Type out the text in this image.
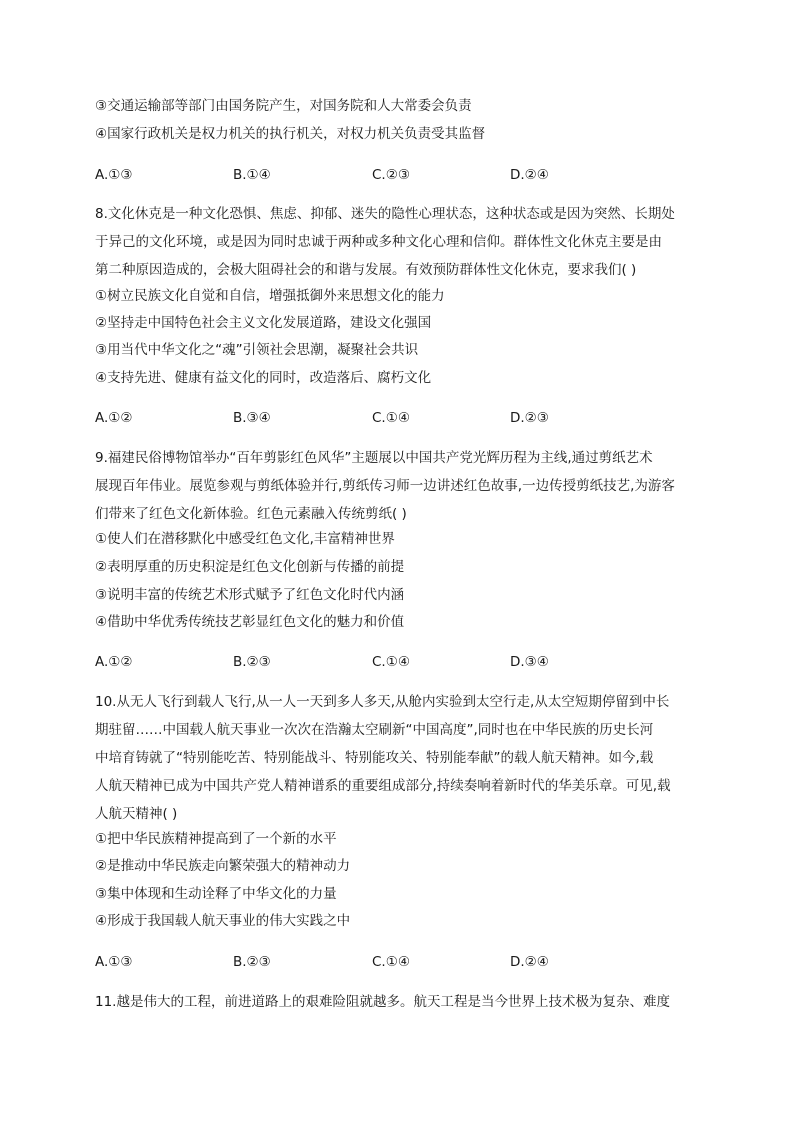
③交通运输部等部门由国务院产生，对国务院和人大常委会负责
④国家行政机关是权力机关的执行机关，对权力机关负责受其监督
A.①③	B.①④	C.②③	D.②④
8.文化休克是一种文化恐惧、焦虑、抑郁、迷失的隐性心理状态，这种状态或是因为突然、长期处
于异己的文化环境，或是因为同时忠诚于两种或多种文化心理和信仰。群体性文化休克主要是由
第二种原因造成的，会极大阻碍社会的和谐与发展。有效预防群体性文化休克，要求我们( )
①树立民族文化自觉和自信，增强抵御外来思想文化的能力
②坚持走中国特色社会主义文化发展道路，建设文化强国
③用当代中华文化之“魂”引领社会思潮，凝聚社会共识
④支持先进、健康有益文化的同时，改造落后、腐朽文化
A.①②	B.③④	C.①④	D.②③
9.福建民俗博物馆举办“百年剪影红色风华”主题展以中国共产党光辉历程为主线,通过剪纸艺术
展现百年伟业。展览参观与剪纸体验并行,剪纸传习师一边讲述红色故事,一边传授剪纸技艺,为游客
们带来了红色文化新体验。红色元素融入传统剪纸( )
①使人们在潜移默化中感受红色文化,丰富精神世界
②表明厚重的历史积淀是红色文化创新与传播的前提
③说明丰富的传统艺术形式赋予了红色文化时代内涵
④借助中华优秀传统技艺彰显红色文化的魅力和价值
A.①②	B.②③	C.①④	D.③④
10.从无人飞行到载人飞行,从一人一天到多人多天,从舱内实验到太空行走,从太空短期停留到中长
期驻留……中国载人航天事业一次次在浩瀚太空刷新“中国高度”,同时也在中华民族的历史长河
中培育铸就了“特别能吃苦、特别能战斗、特别能攻关、特别能奉献”的载人航天精神。如今,载
人航天精神已成为中国共产党人精神谱系的重要组成部分,持续奏响着新时代的华美乐章。可见,载
人航天精神( )
①把中华民族精神提高到了一个新的水平
②是推动中华民族走向繁荣强大的精神动力
③集中体现和生动诠释了中华文化的力量
④形成于我国载人航天事业的伟大实践之中
A.①③	B.②③	C.①④	D.②④
11.越是伟大的工程，前进道路上的艰难险阻就越多。航天工程是当今世界上技术极为复杂、难度
